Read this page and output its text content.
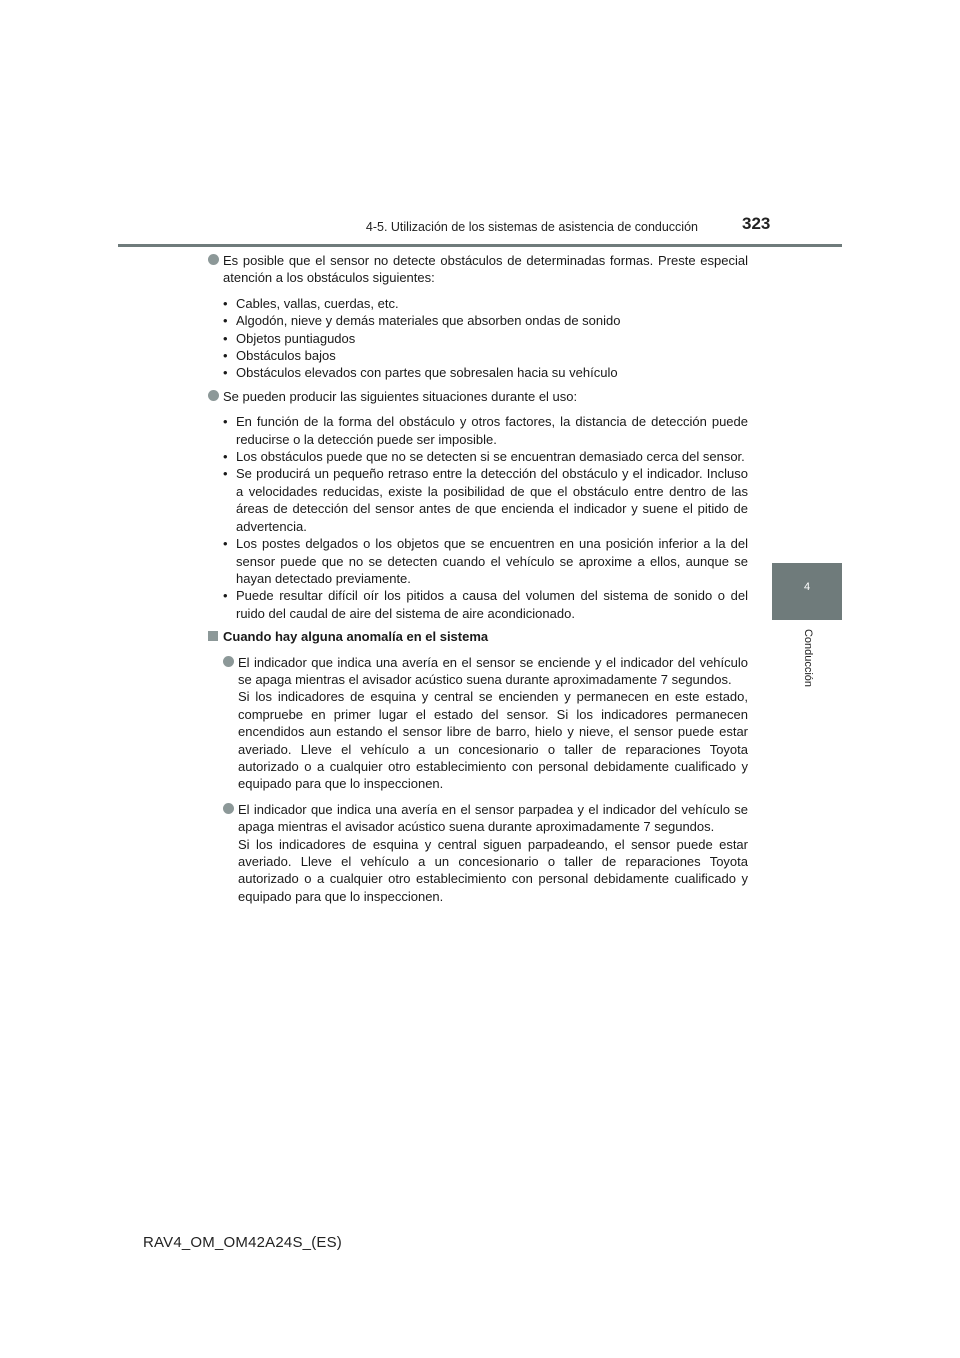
4-5. Utilización de los sistemas de asistencia de conducción	323
4
Conducción
Es posible que el sensor no detecte obstáculos de determinadas formas. Preste especial atención a los obstáculos siguientes:
• Cables, vallas, cuerdas, etc.
• Algodón, nieve y demás materiales que absorben ondas de sonido
• Objetos puntiagudos
• Obstáculos bajos
• Obstáculos elevados con partes que sobresalen hacia su vehículo
Se pueden producir las siguientes situaciones durante el uso:
• En función de la forma del obstáculo y otros factores, la distancia de detección puede reducirse o la detección puede ser imposible.
• Los obstáculos puede que no se detecten si se encuentran demasiado cerca del sensor.
• Se producirá un pequeño retraso entre la detección del obstáculo y el indicador. Incluso a velocidades reducidas, existe la posibilidad de que el obstáculo entre dentro de las áreas de detección del sensor antes de que encienda el indicador y suene el pitido de advertencia.
• Los postes delgados o los objetos que se encuentren en una posición inferior a la del sensor puede que no se detecten cuando el vehículo se aproxime a ellos, aunque se hayan detectado previamente.
• Puede resultar difícil oír los pitidos a causa del volumen del sistema de sonido o del ruido del caudal de aire del sistema de aire acondicionado.
Cuando hay alguna anomalía en el sistema
El indicador que indica una avería en el sensor se enciende y el indicador del vehículo se apaga mientras el avisador acústico suena durante aproximadamente 7 segundos.
Si los indicadores de esquina y central se encienden y permanecen en este estado, compruebe en primer lugar el estado del sensor. Si los indicadores permanecen encendidos aun estando el sensor libre de barro, hielo y nieve, el sensor puede estar averiado. Lleve el vehículo a un concesionario o taller de reparaciones Toyota autorizado o a cualquier otro establecimiento con personal debidamente cualificado y equipado para que lo inspeccionen.
El indicador que indica una avería en el sensor parpadea y el indicador del vehículo se apaga mientras el avisador acústico suena durante aproximadamente 7 segundos.
Si los indicadores de esquina y central siguen parpadeando, el sensor puede estar averiado. Lleve el vehículo a un concesionario o taller de reparaciones Toyota autorizado o a cualquier otro establecimiento con personal debidamente cualificado y equipado para que lo inspeccionen.
RAV4_OM_OM42A24S_(ES)
